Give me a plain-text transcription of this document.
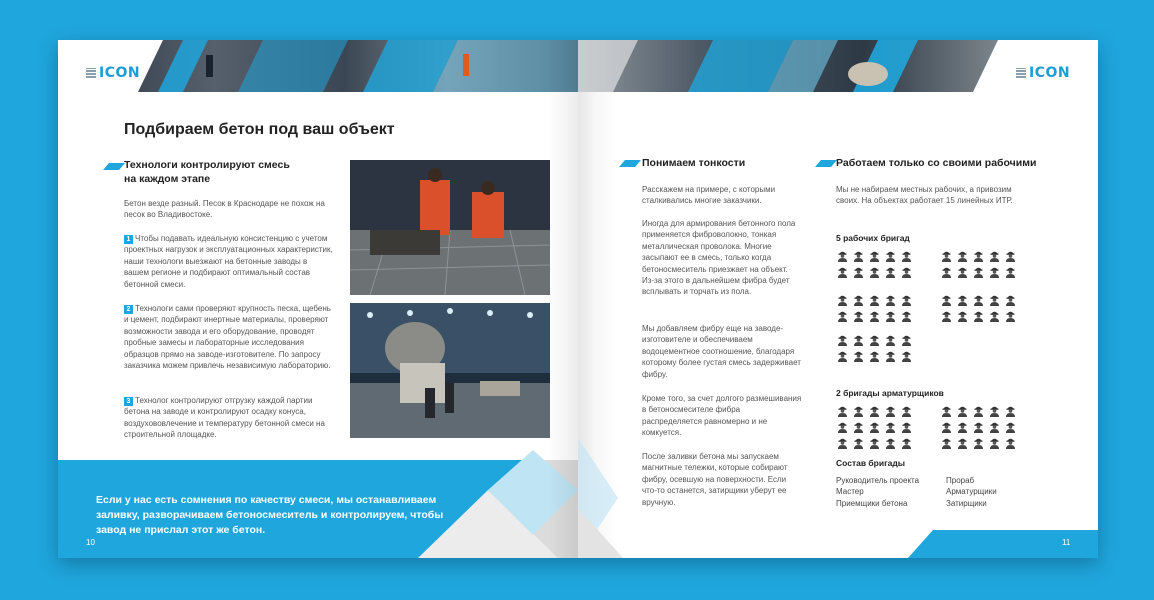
ICON
Подбираем бетон под ваш объект
Технологи контролируют смесь
на каждом этапе
Бетон везде разный. Песок в Краснодаре не похож на песок во Владивостоке.
1 Чтобы подавать идеальную консистенцию с учетом проектных нагрузок и эксплуатационных характеристик, наши технологи выезжают на бетонные заводы в вашем регионе и подбирают оптимальный состав бетонной смеси.
2 Технологи сами проверяют крупность песка, щебень и цемент, подбирают инертные материалы, проверяют возможности завода и его оборудование, проводят пробные замесы и лабораторные исследования образцов прямо на заводе-изготовителе. По запросу заказчика можем привлечь независимую лабораторию.
3 Технолог контролируют отгрузку каждой партии бетона на заводе и контролируют осадку конуса, воздухововлечение и температуру бетонной смеси на строительной площадке.
Если у нас есть сомнения по качеству смеси, мы останавливаем заливку, разворачиваем бетоносмеситель и контролируем, чтобы завод не прислал этот же бетон.
10
ICON
Понимаем тонкости
Расскажем на примере, с которыми сталкивались многие заказчики.
Иногда для армирования бетонного пола применяется фиброволокно, тонкая металлическая проволока. Многие засыпают ее в смесь, только когда бетоносмеситель приезжает на объект. Из-за этого в дальнейшем фибра будет всплывать и торчать из пола.
Мы добавляем фибру еще на заводе-изготовителе и обеспечиваем водоцементное соотношение, благодаря которому более густая смесь задерживает фибру.
Кроме того, за счет долгого размешивания в бетоносмесителе фибра распределяется равномерно и не комкуется.
После заливки бетона мы запускаем магнитные тележки, которые собирают фибру, осевшую на поверхности. Если что-то останется, затирщики уберут ее вручную.
Работаем только со своими рабочими
Мы не набираем местных рабочих, а привозим своих. На объектах работает 15 линейных ИТР.
5 рабочих бригад
2 бригады арматурщиков
Состав бригады
Руководитель проекта
Мастер
Приемщики бетона
Прораб
Арматурщики
Затирщики
11
